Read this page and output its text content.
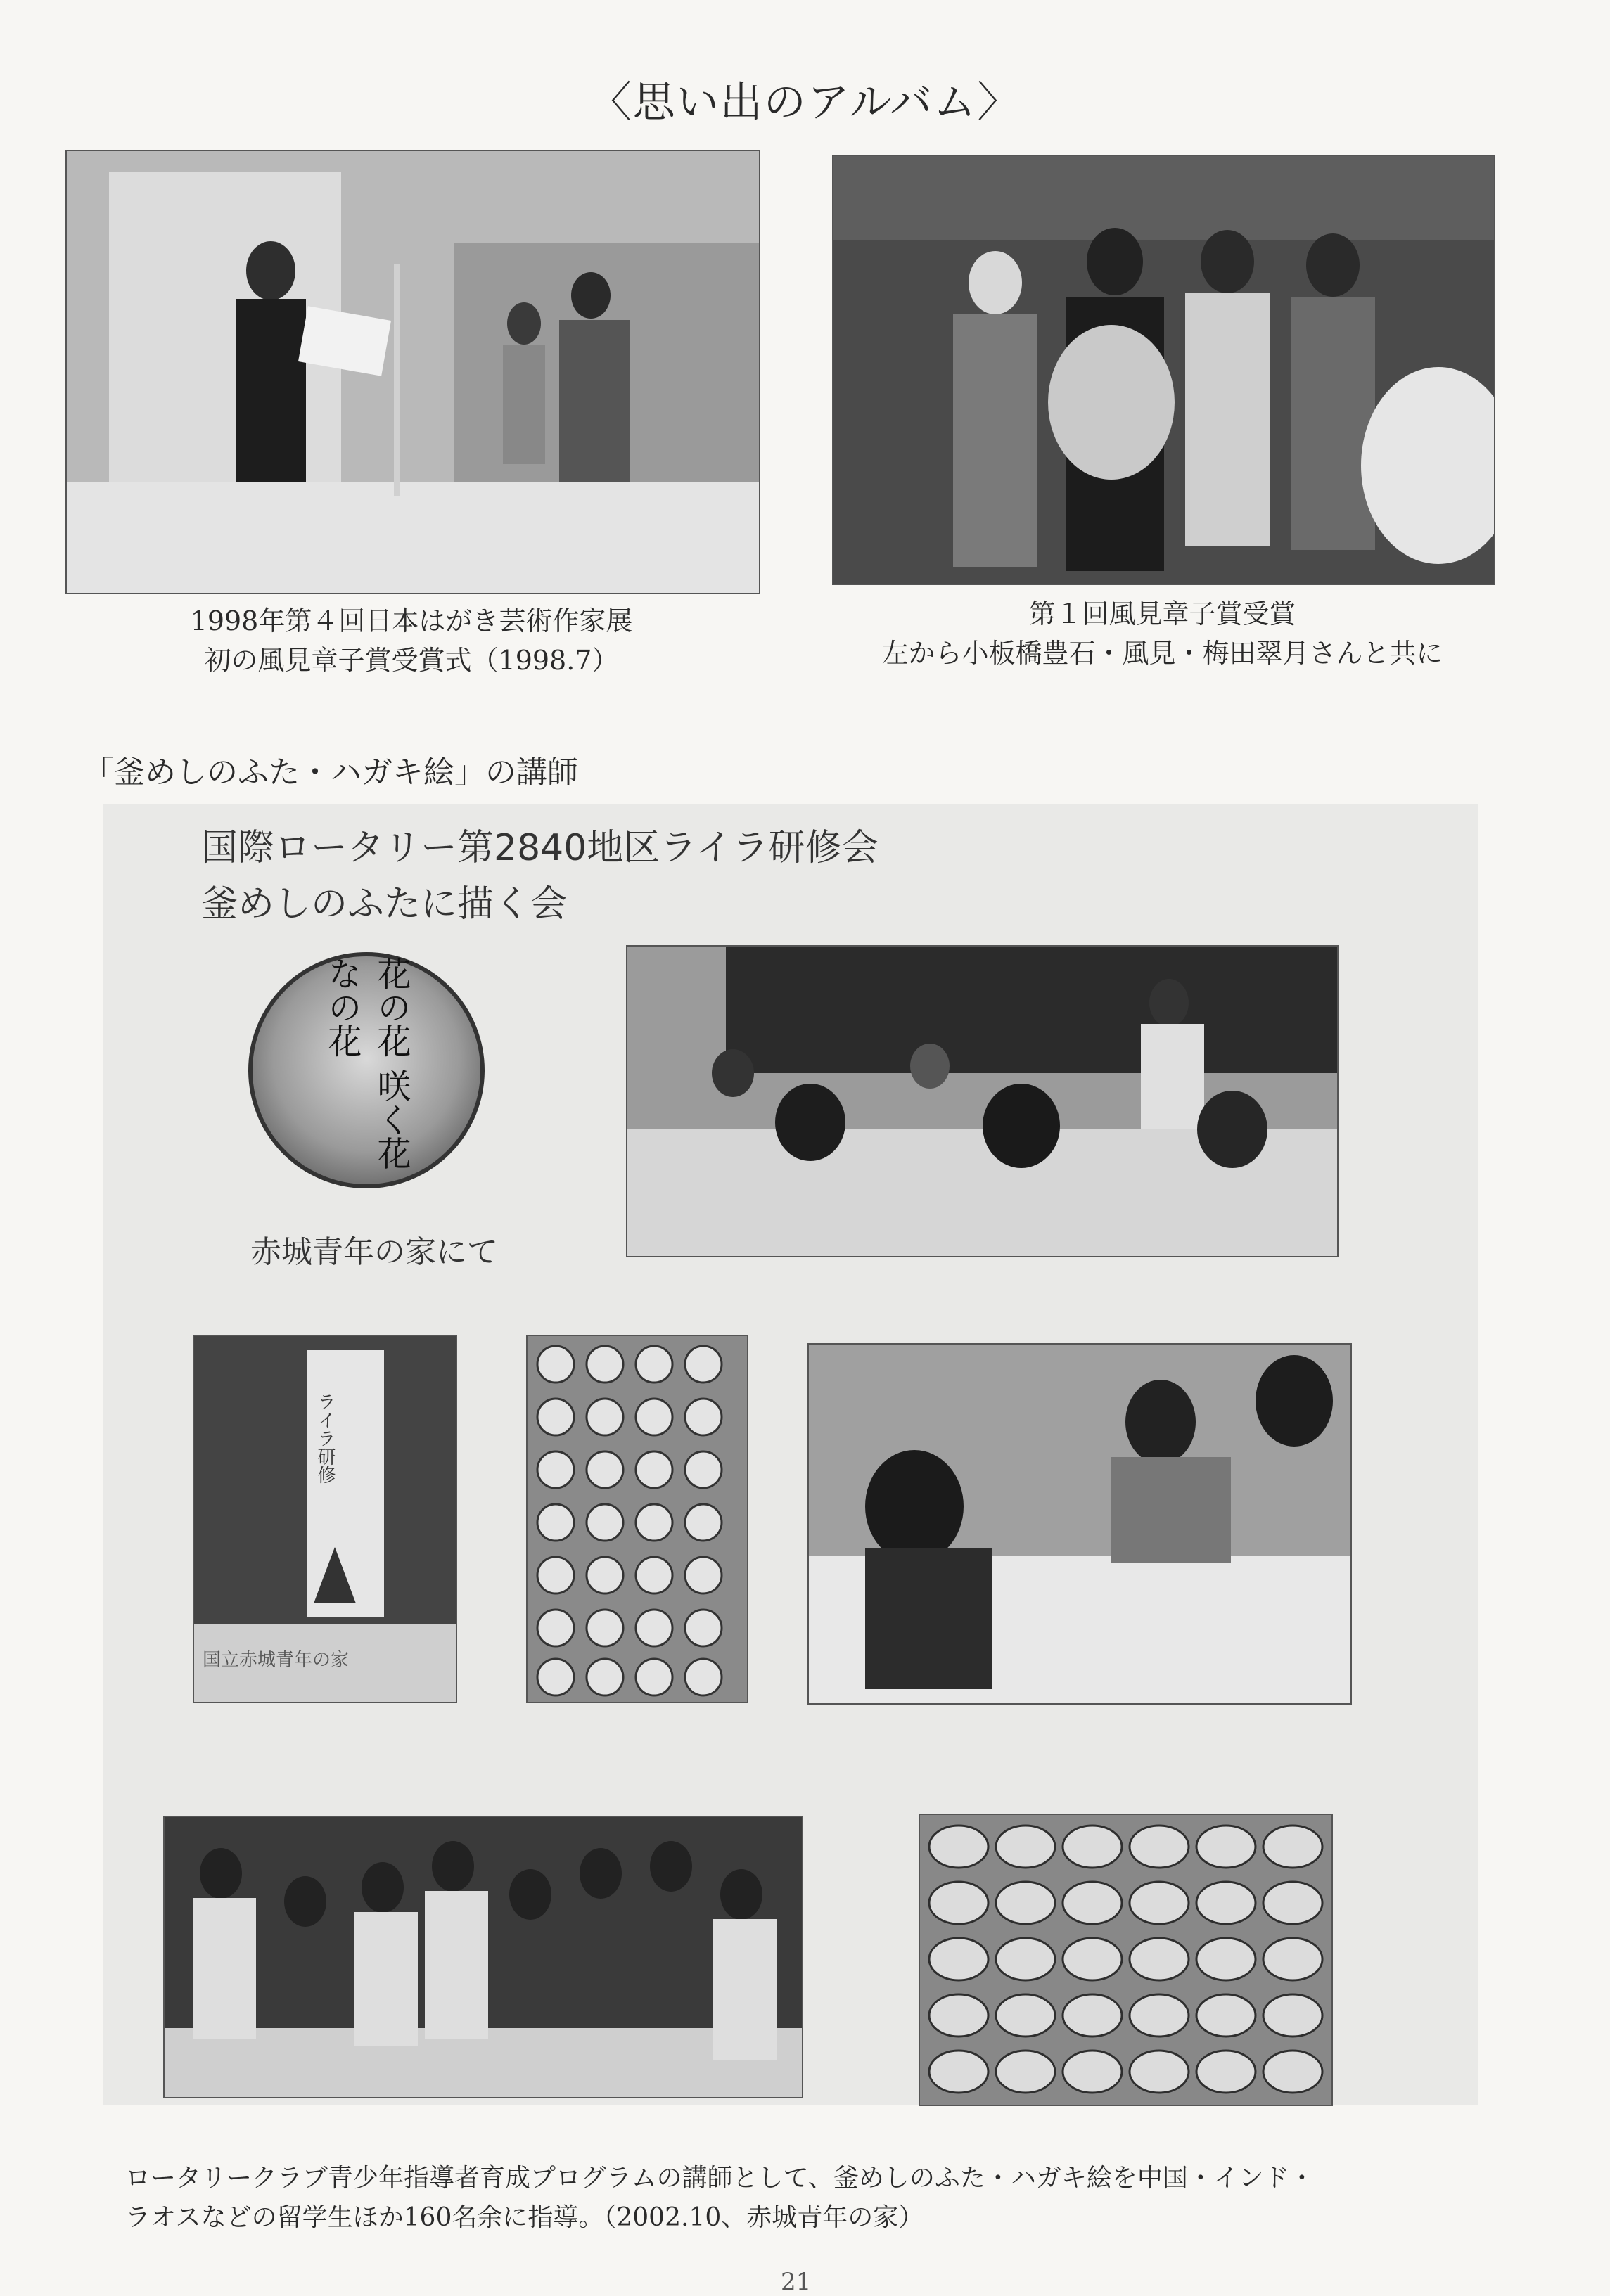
〈思い出のアルバム〉
1998年第４回日本はがき芸術作家展
初の風見章子賞受賞式（1998.7）
第１回風見章子賞受賞
左から小板橋豊石・風見・梅田翠月さんと共に
「釜めしのふた・ハガキ絵」の講師
国際ロータリー第2840地区ライラ研修会
釜めしのふたに描く会
花の花 咲く花 なの花
赤城青年の家にて
ライラ研修
国立赤城青年の家
ロータリークラブ青少年指導者育成プログラムの講師として、釜めしのふた・ハガキ絵を中国・インド・
ラオスなどの留学生ほか160名余に指導。（2002.10、赤城青年の家）
21
